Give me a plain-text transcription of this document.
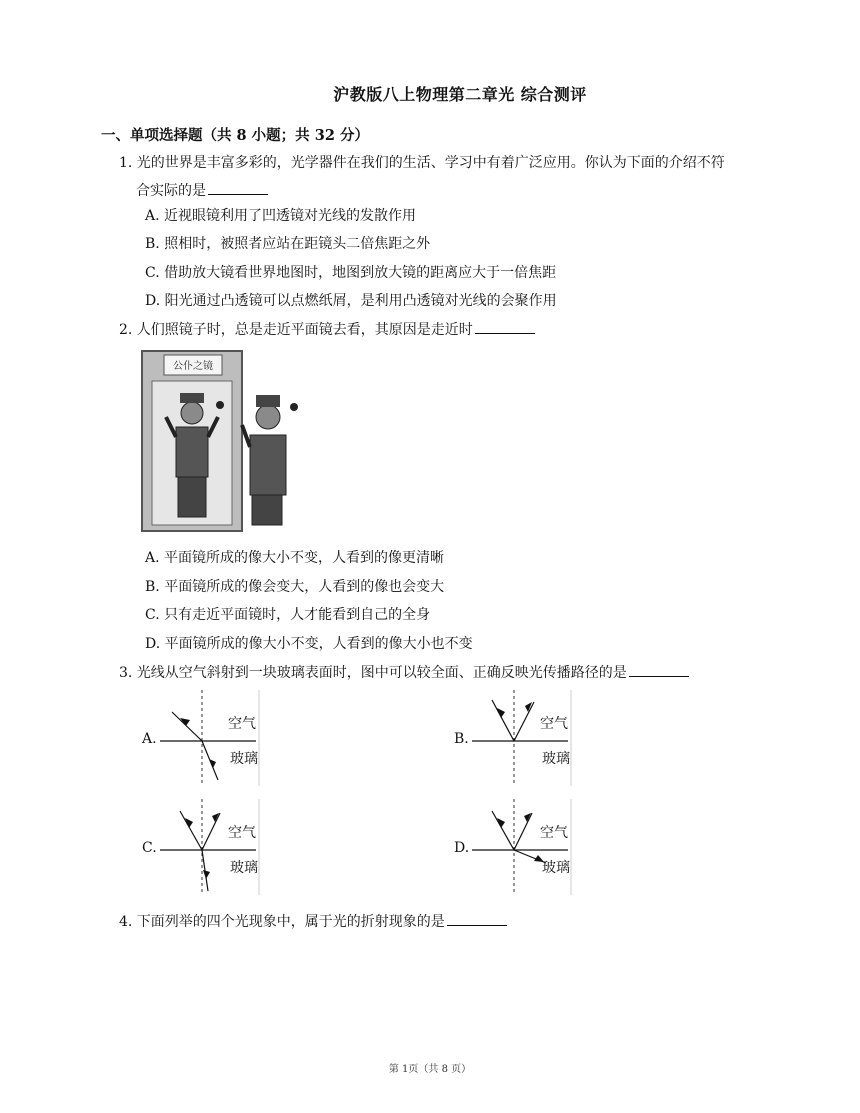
沪教版八上物理第二章光 综合测评
一、单项选择题（共 8 小题；共 32 分）
1. 光的世界是丰富多彩的，光学器件在我们的生活、学习中有着广泛应用。你认为下面的介绍不符
合实际的是
A. 近视眼镜利用了凹透镜对光线的发散作用
B. 照相时，被照者应站在距镜头二倍焦距之外
C. 借助放大镜看世界地图时，地图到放大镜的距离应大于一倍焦距
D. 阳光通过凸透镜可以点燃纸屑，是利用凸透镜对光线的会聚作用
2. 人们照镜子时，总是走近平面镜去看，其原因是走近时
公仆之镜
A. 平面镜所成的像大小不变，人看到的像更清晰
B. 平面镜所成的像会变大，人看到的像也会变大
C. 只有走近平面镜时，人才能看到自己的全身
D. 平面镜所成的像大小不变，人看到的像大小也不变
3. 光线从空气斜射到一块玻璃表面时，图中可以较全面、正确反映光传播路径的是
A.
空气
玻璃
B.
空气
玻璃
C.
空气
玻璃
D.
空气
玻璃
4. 下面列举的四个光现象中，属于光的折射现象的是
第 1页（共 8 页）
